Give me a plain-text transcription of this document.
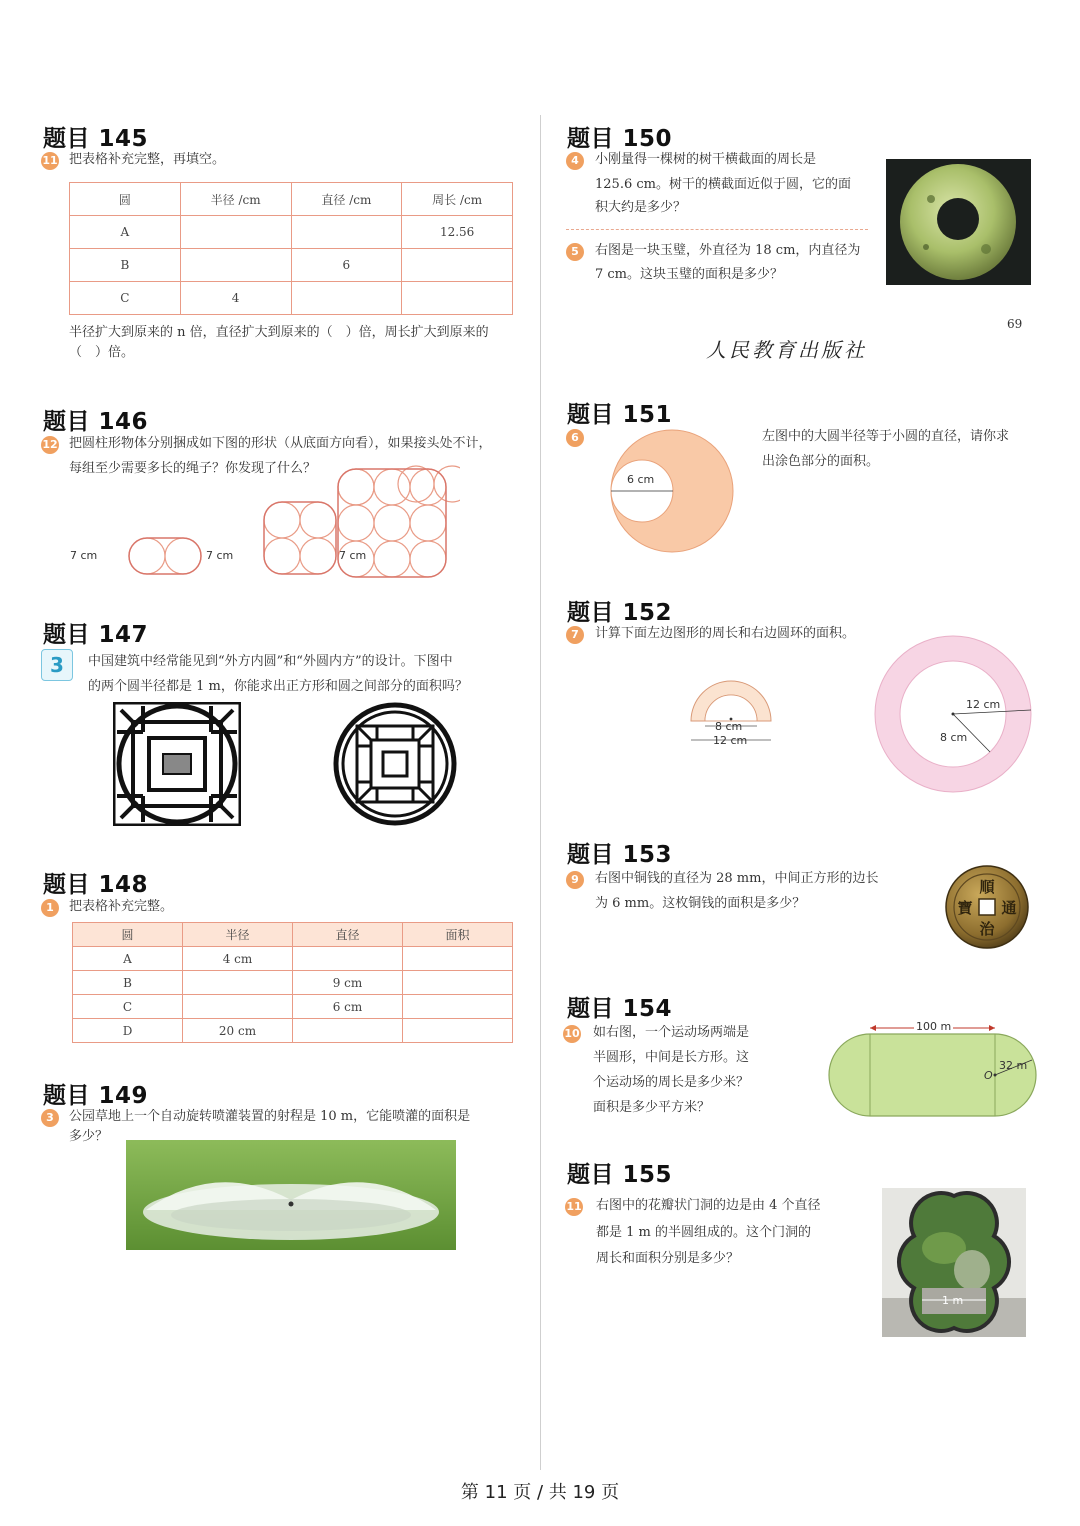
题目 145
11 把表格补充完整，再填空。
圆	半径 /cm	直径 /cm	周长 /cm
A			12.56
B		6	
C	4		
半径扩大到原来的 n 倍，直径扩大到原来的（　）倍，周长扩大到原来的
（　）倍。
题目 146
12 把圆柱形物体分别捆成如下图的形状（从底面方向看），如果接头处不计，
每组至少需要多长的绳子？你发现了什么？
7 cm	7 cm	7 cm
题目 147
3	中国建筑中经常能见到“外方内圆”和“外圆内方”的设计。下图中
的两个圆半径都是 1 m，你能求出正方形和圆之间部分的面积吗？
题目 148
1	把表格补充完整。
圆	半径	直径	面积
A	4 cm		
B		9 cm	
C		6 cm	
D	20 cm		
题目 149
3	公园草地上一个自动旋转喷灌装置的射程是 10 m，它能喷灌的面积是
多少？
题目 150
4	小刚量得一棵树的树干横截面的周长是
125.6 cm。树干的横截面近似于圆，它的面
积大约是多少？
5	右图是一块玉璧，外直径为 18 cm，内直径为
7 cm。这块玉璧的面积是多少？
69
人民教育出版社
题目 151
6
6 cm
左图中的大圆半径等于小圆的直径，请你求
出涂色部分的面积。
题目 152
7	计算下面左边图形的周长和右边圆环的面积。
8 cm
12 cm
12 cm
8 cm
题目 153
9	右图中铜钱的直径为 28 mm，中间正方形的边长
为 6 mm。这枚铜钱的面积是多少？
順
治
通
寶
题目 154
10 如右图，一个运动场两端是
半圆形，中间是长方形。这
个运动场的周长是多少米？
面积是多少平方米？
100 m
32 m
O
题目 155
11 右图中的花瓣状门洞的边是由 4 个直径
都是 1 m 的半圆组成的。这个门洞的
周长和面积分别是多少？
1 m
第 11 页 / 共 19 页
